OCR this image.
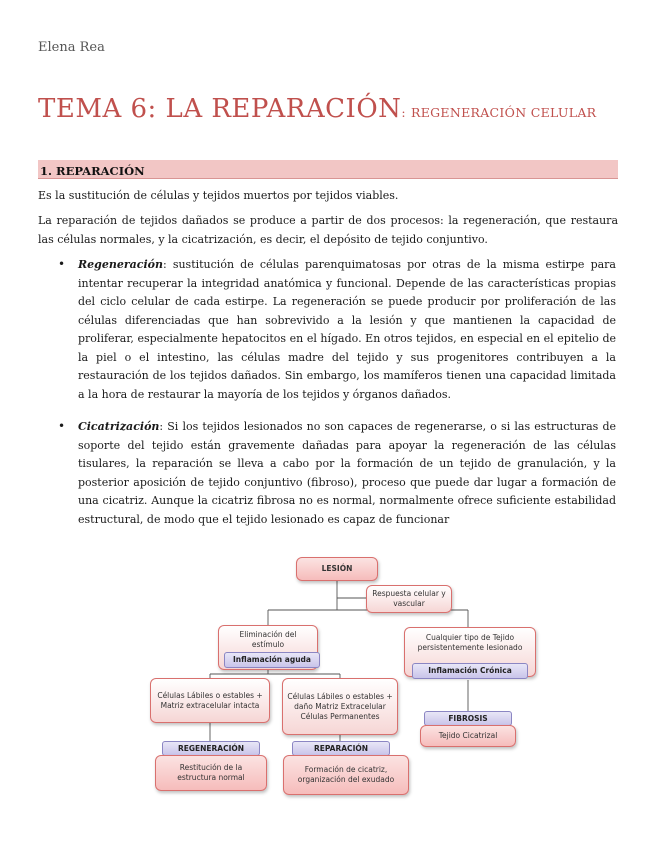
Elena Rea
TEMA 6: LA REPARACIÓN: REGENERACIÓN CELULAR
1. REPARACIÓN
Es la sustitución de células y tejidos muertos por tejidos viables.
La reparación de tejidos dañados se produce a partir de dos procesos: la regeneración, que restaura las células normales, y la cicatrización, es decir, el depósito de tejido conjuntivo.
• Regeneración: sustitución de células parenquimatosas por otras de la misma estirpe para intentar recuperar la integridad anatómica y funcional. Depende de las características propias del ciclo celular de cada estirpe. La regeneración se puede producir por proliferación de las células diferenciadas que han sobrevivido a la lesión y que mantienen la capacidad de proliferar, especialmente hepatocitos en el hígado. En otros tejidos, en especial en el epitelio de la piel o el intestino, las células madre del tejido y sus progenitores contribuyen a la restauración de los tejidos dañados. Sin embargo, los mamíferos tienen una capacidad limitada a la hora de restaurar la mayoría de los tejidos y órganos dañados.
• Cicatrización: Si los tejidos lesionados no son capaces de regenerarse, o si las estructuras de soporte del tejido están gravemente dañadas para apoyar la regeneración de las células tisulares, la reparación se lleva a cabo por la formación de un tejido de granulación, y la posterior aposición de tejido conjuntivo (fibroso), proceso que puede dar lugar a formación de una cicatriz. Aunque la cicatriz fibrosa no es normal, normalmente ofrece suficiente estabilidad estructural, de modo que el tejido lesionado es capaz de funcionar
LESIÓN
Respuesta celular y vascular
Eliminación del estímulo
Inflamación aguda
Cualquier tipo de Tejido persistentemente lesionado
Inflamación Crónica
Células Lábiles o estables + Matriz extracelular intacta
Células Lábiles o estables +
daño Matriz Extracelular
Células Permanentes	FIBROSIS
Tejido Cicatrizal
REGENERACIÓN
Restitución de la estructura normal
REPARACIÓN
Formación de cicatriz, organización del exudado
